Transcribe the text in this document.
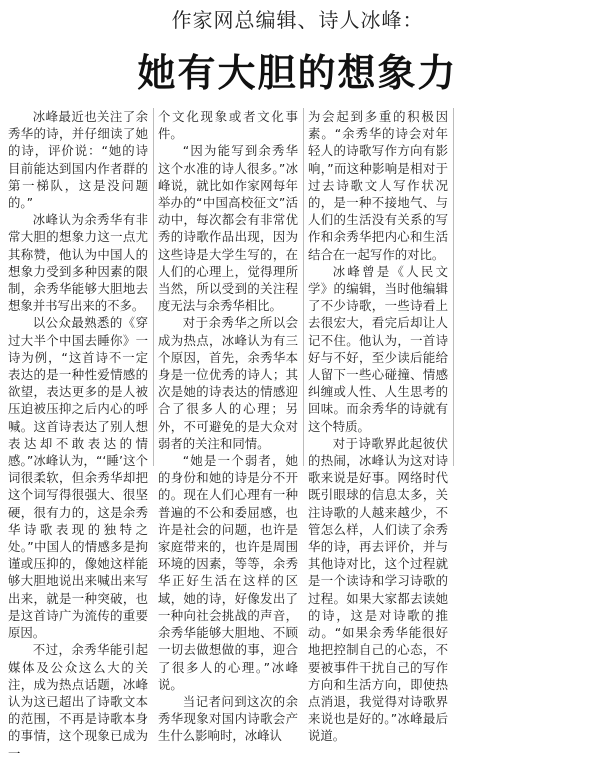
作家网总编辑、诗人冰峰：
她有大胆的想象力

冰峰最近也关注了余秀华的诗，并仔细读了她的诗，评价说：“她的诗目前能达到国内作者群的第一梯队，这是没问题的。”

冰峰认为余秀华有非常大胆的想象力这一点尤其称赞，他认为中国人的想象力受到多种因素的限制，余秀华能够大胆地去想象并书写出来的不多。

以公众最熟悉的《穿过大半个中国去睡你》一诗为例，“这首诗不一定表达的是一种性爱情感的欲望，表达更多的是人被压迫被压抑之后内心的呼喊。这首诗表达了别人想表达却不敢表达的情感。”冰峰认为，“‘睡’这个词很柔软，但余秀华却把这个词写得很强大、很坚硬，很有力的，这是余秀华诗歌表现的独特之处。”中国人的情感多是拘谨或压抑的，像她这样能够大胆地说出来喊出来写出来，就是一种突破，也是这首诗广为流传的重要原因。

不过，余秀华能引起媒体及公众这么大的关注，成为热点话题，冰峰认为这已超出了诗歌文本的范围，不再是诗歌本身的事情，这个现象已成为一

个文化现象或者文化事件。

“因为能写到余秀华这个水准的诗人很多。”冰峰说，就比如作家网每年举办的“中国高校征文”活动中，每次都会有非常优秀的诗歌作品出现，因为这些诗是大学生写的，在人们的心理上，觉得理所当然，所以受到的关注程度无法与余秀华相比。

对于余秀华之所以会成为热点，冰峰认为有三个原因，首先，余秀华本身是一位优秀的诗人；其次是她的诗表达的情感迎合了很多人的心理；另外，不可避免的是大众对弱者的关注和同情。

“她是一个弱者，她的身份和她的诗是分不开的。现在人们心理有一种普遍的不公和委屈感，也许是社会的问题，也许是家庭带来的，也许是周围环境的因素，等等，余秀华正好生活在这样的区域，她的诗，好像发出了一种向社会挑战的声音，余秀华能够大胆地、不顾一切去做想做的事，迎合了很多人的心理。”冰峰说。

当记者问到这次的余秀华现象对国内诗歌会产生什么影响时，冰峰认

为会起到多重的积极因素。“余秀华的诗会对年轻人的诗歌写作方向有影响，”而这种影响是相对于过去诗歌文人写作状况的，是一种不接地气、与人们的生活没有关系的写作和余秀华把内心和生活结合在一起写作的对比。

冰峰曾是《人民文学》的编辑，当时他编辑了不少诗歌，一些诗看上去很宏大，看完后却让人记不住。他认为，一首诗好与不好，至少读后能给人留下一些心碰撞、情感纠缠或人性、人生思考的回味。而余秀华的诗就有这个特质。

对于诗歌界此起彼伏的热闹，冰峰认为这对诗歌来说是好事。网络时代既引眼球的信息太多，关注诗歌的人越来越少，不管怎么样，人们读了余秀华的诗，再去评价，并与其他诗对比，这个过程就是一个读诗和学习诗歌的过程。如果大家都去读她的诗，这是对诗歌的推动。“如果余秀华能很好地把控制自己的心态，不要被事件干扰自己的写作方向和生活方向，即使热点消退，我觉得对诗歌界来说也是好的。”冰峰最后说道。
